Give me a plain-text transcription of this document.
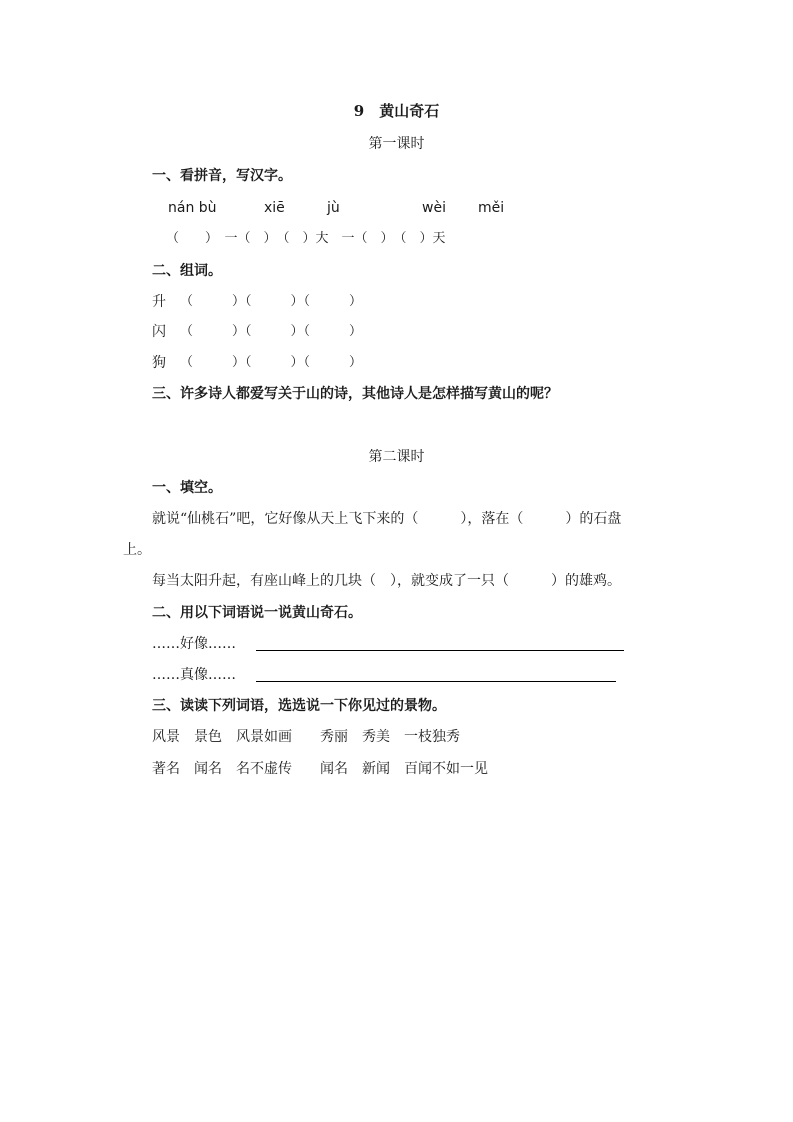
9　黄山奇石
第一课时
一、看拼音，写汉字。
nán bù	xiē	jù	wèi měi
（　　）　一（　）　（　）大　一（　）　（　）天
二、组词。
升 （　　　）（　　　）（　　　）
闪 （　　　）（　　　）（　　　）
狗 （　　　）（　　　）（　　　）
三、许多诗人都爱写关于山的诗，其他诗人是怎样描写黄山的呢？
第二课时
一、填空。
就说“仙桃石”吧，它好像从天上飞下来的（　　　），落在（　　　）的石盘
上。
每当太阳升起，有座山峰上的几块（　），就变成了一只（　　　）的雄鸡。
二、用以下词语说一说黄山奇石。
……好像……
……真像……
三、读读下列词语，选选说一下你见过的景物。
风景　景色　风景如画　　秀丽　秀美　一枝独秀
著名　闻名　名不虚传　　闻名　新闻　百闻不如一见
